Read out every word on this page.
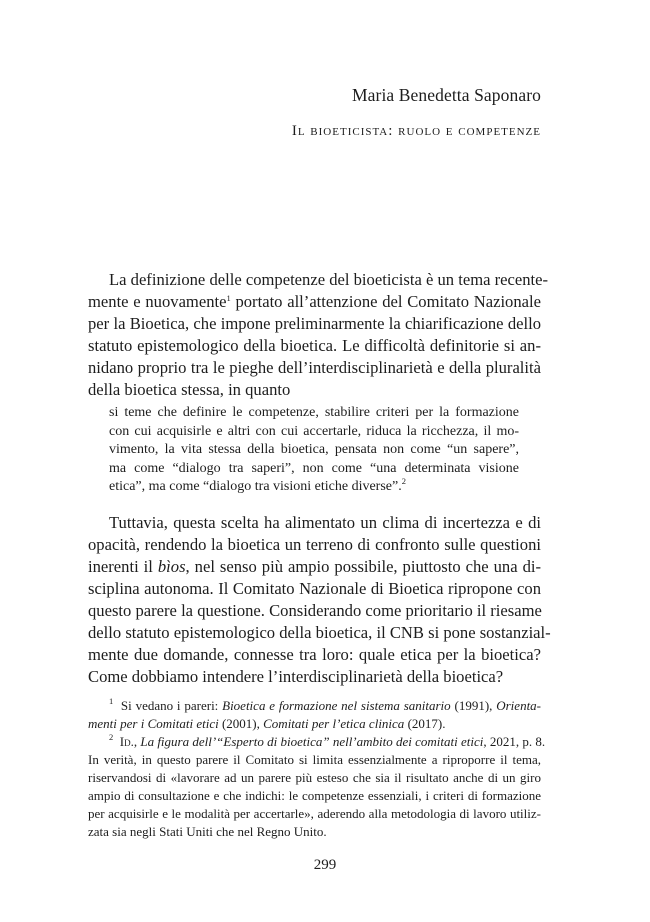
Maria Benedetta Saponaro
Il bioeticista: ruolo e competenze
La definizione delle competenze del bioeticista è un tema recente-
mente e nuovamente$^1$ portato all’attenzione del Comitato Nazionale
per la Bioetica, che impone preliminarmente la chiarificazione dello
statuto epistemologico della bioetica. Le difficoltà definitorie si an-
nidano proprio tra le pieghe dell’interdisciplinarietà e della pluralità
della bioetica stessa, in quanto
si teme che definire le competenze, stabilire criteri per la formazione
con cui acquisirle e altri con cui accertarle, riduca la ricchezza, il mo-
vimento, la vita stessa della bioetica, pensata non come “un sapere”,
ma come “dialogo tra saperi”, non come “una determinata visione
etica”, ma come “dialogo tra visioni etiche diverse”.$^2$
Tuttavia, questa scelta ha alimentato un clima di incertezza e di
opacità, rendendo la bioetica un terreno di confronto sulle questioni
inerenti il bìos, nel senso più ampio possibile, piuttosto che una di-
sciplina autonoma. Il Comitato Nazionale di Bioetica ripropone con
questo parere la questione. Considerando come prioritario il riesame
dello statuto epistemologico della bioetica, il CNB si pone sostanzial-
mente due domande, connesse tra loro: quale etica per la bioetica?
Come dobbiamo intendere l’interdisciplinarietà della bioetica?
$^1$ Si vedano i pareri: Bioetica e formazione nel sistema sanitario (1991), Orienta-
menti per i Comitati etici (2001), Comitati per l’etica clinica (2017).
$^2$ Id., La figura dell’“Esperto di bioetica” nell’ambito dei comitati etici, 2021, p. 8.
In verità, in questo parere il Comitato si limita essenzialmente a riproporre il tema,
riservandosi di «lavorare ad un parere più esteso che sia il risultato anche di un giro
ampio di consultazione e che indichi: le competenze essenziali, i criteri di formazione
per acquisirle e le modalità per accertarle», aderendo alla metodologia di lavoro utiliz-
zata sia negli Stati Uniti che nel Regno Unito.
299
